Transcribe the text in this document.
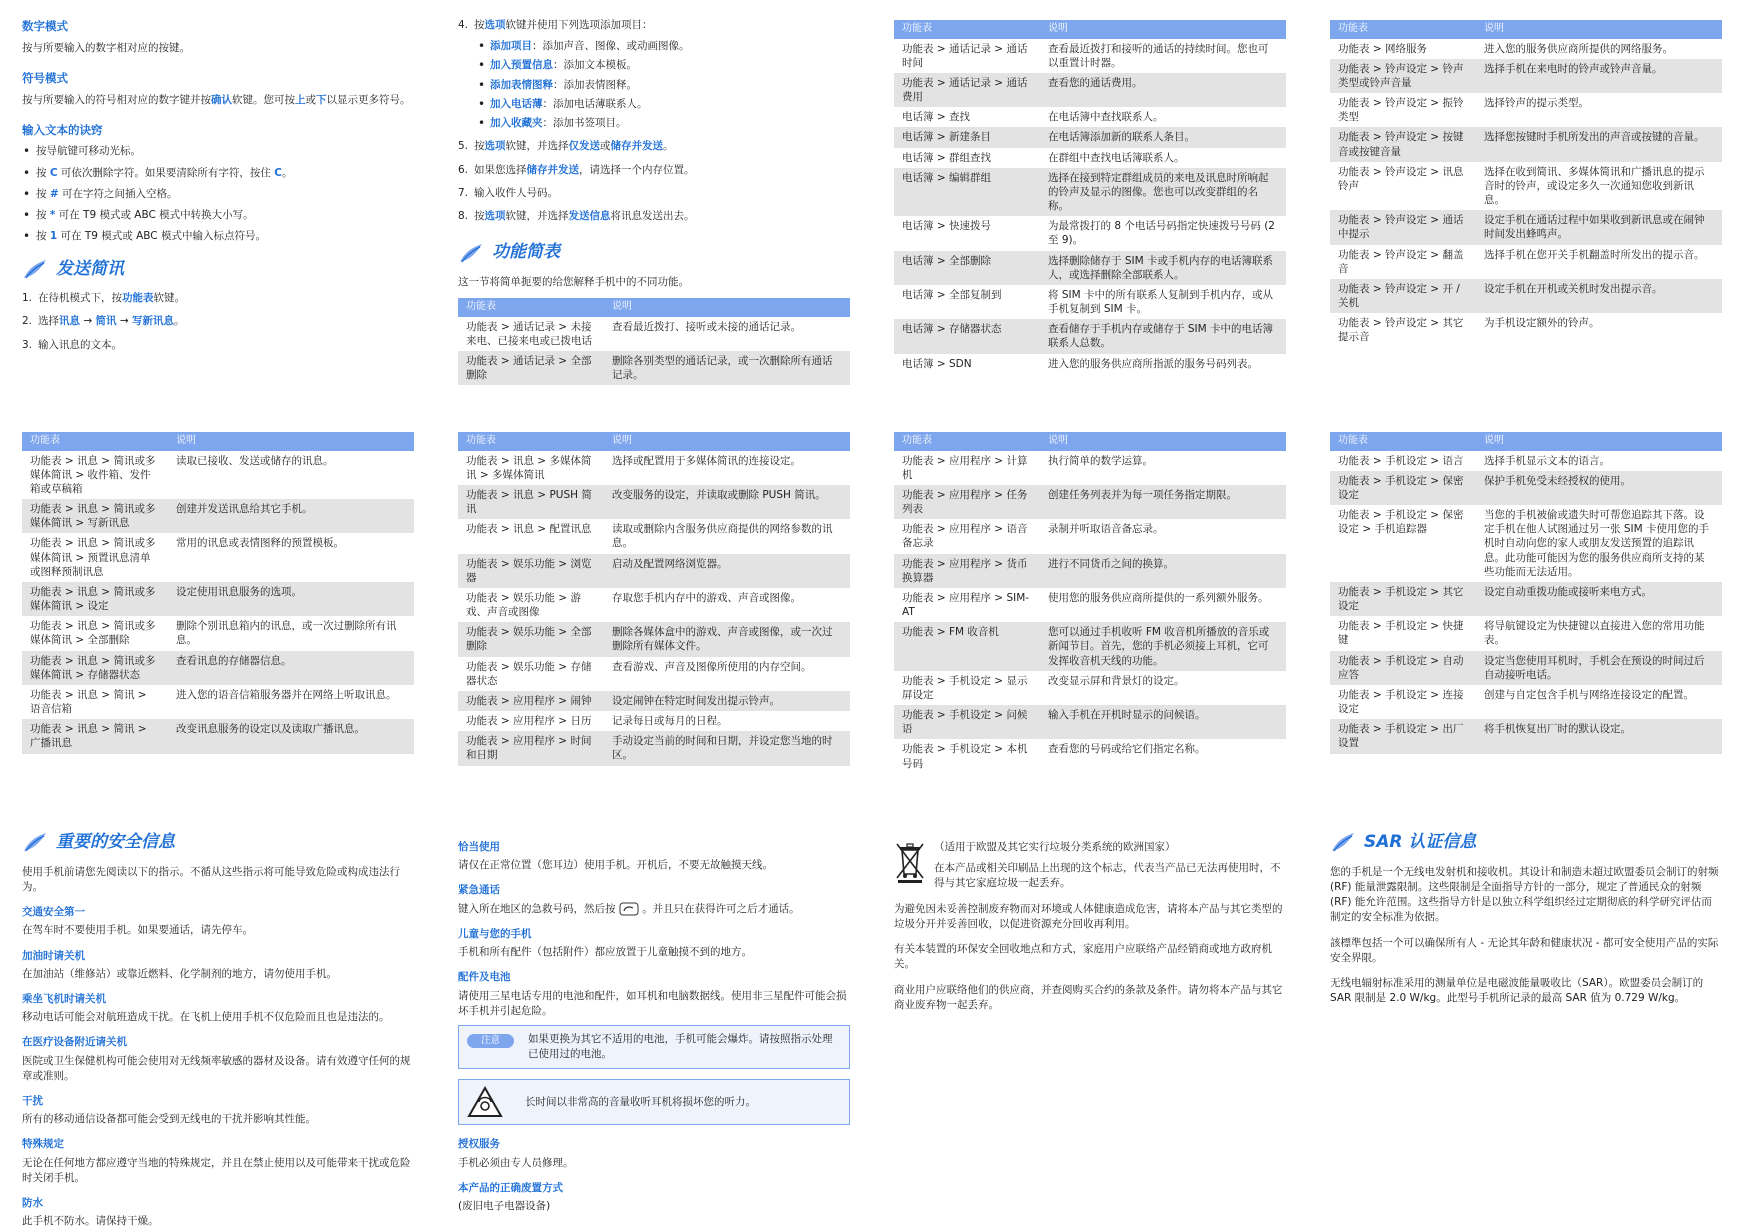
数字模式
按与所要输入的数字相对应的按键。
符号模式
按与所要输入的符号相对应的数字键并按确认软键。您可按上或下以显示更多符号。
输入文本的诀窍
• 按导航键可移动光标。
• 按 C 可依次删除字符。如果要清除所有字符，按住 C。
• 按 # 可在字符之间插入空格。
• 按 * 可在 T9 模式或 ABC 模式中转换大小写。
• 按 1 可在 T9 模式或 ABC 模式中输入标点符号。
发送简讯
1. 在待机模式下，按功能表软键。
2. 选择讯息 → 简讯 → 写新讯息。
3. 输入讯息的文本。
4. 按选项软键并使用下列选项添加项目：
• 添加项目：添加声音、图像、或动画图像。
• 加入预置信息：添加文本模板。
• 添加表情图释：添加表情图释。
• 加入电话薄：添加电话薄联系人。
• 加入收藏夹：添加书签项目。
5. 按选项软键，并选择仅发送或储存并发送。
6. 如果您选择储存并发送，请选择一个内存位置。
7. 输入收件人号码。
8. 按选项软键，并选择发送信息将讯息发送出去。
功能简表
这一节将简单扼要的给您解释手机中的不同功能。
功能表	说明
功能表 > 通话记录 > 未接来电、已接来电或已拨电话	查看最近拨打、接听或未接的通话记录。
功能表 > 通话记录 > 全部删除	删除各别类型的通话记录，或一次删除所有通话记录。
功能表	说明
功能表 > 通话记录 > 通话时间	查看最近拨打和接听的通话的持续时间。您也可以重置计时器。
功能表 > 通话记录 > 通话费用	查看您的通话费用。
电话簿 > 查找	在电话簿中查找联系人。
电话簿 > 新建条目	在电话簿添加新的联系人条目。
电话簿 > 群组查找	在群组中查找电话簿联系人。
电话簿 > 编辑群组	选择在接到特定群组成员的来电及讯息时所响起的铃声及显示的图像。您也可以改变群组的名称。
电话簿 > 快速拨号	为最常拨打的 8 个电话号码指定快速拨号号码 (2 至 9)。
电话簿 > 全部删除	选择删除储存于 SIM 卡或手机内存的电话簿联系人，或选择删除全部联系人。
电话簿 > 全部复制到	将 SIM 卡中的所有联系人复制到手机内存，或从手机复制到 SIM 卡。
电话簿 > 存储器状态	查看储存于手机内存或储存于 SIM 卡中的电话簿联系人总数。
电话簿 > SDN	进入您的服务供应商所指派的服务号码列表。
功能表	说明
功能表 > 网络服务	进入您的服务供应商所提供的网络服务。
功能表 > 铃声设定 > 铃声类型或铃声音量	选择手机在来电时的铃声或铃声音量。
功能表 > 铃声设定 > 振铃类型	选择铃声的提示类型。
功能表 > 铃声设定 > 按键音或按键音量	选择您按键时手机所发出的声音或按键的音量。
功能表 > 铃声设定 > 讯息铃声	选择在收到简讯、多媒体简讯和广播讯息的提示音时的铃声，或设定多久一次通知您收到新讯息。
功能表 > 铃声设定 > 通话中提示	设定手机在通话过程中如果收到新讯息或在闹钟时间发出蜂鸣声。
功能表 > 铃声设定 > 翻盖音	选择手机在您开关手机翻盖时所发出的提示音。
功能表 > 铃声设定 > 开 / 关机	设定手机在开机或关机时发出提示音。
功能表 > 铃声设定 > 其它提示音	为手机设定额外的铃声。
功能表	说明
功能表 > 讯息 > 简讯或多媒体简讯 > 收件箱、发件箱或草稿箱	读取已接收、发送或储存的讯息。
功能表 > 讯息 > 简讯或多媒体简讯 > 写新讯息	创建并发送讯息给其它手机。
功能表 > 讯息 > 简讯或多媒体简讯 > 预置讯息清单或图释预制讯息	常用的讯息或表情图释的预置模板。
功能表 > 讯息 > 简讯或多媒体简讯 > 设定	设定使用讯息服务的选项。
功能表 > 讯息 > 简讯或多媒体简讯 > 全部删除	删除个别讯息箱内的讯息，或一次过删除所有讯息。
功能表 > 讯息 > 简讯或多媒体简讯 > 存储器状态	查看讯息的存储器信息。
功能表 > 讯息 > 简讯 > 语音信箱	进入您的语音信箱服务器并在网络上听取讯息。
功能表 > 讯息 > 简讯 > 广播讯息	改变讯息服务的设定以及读取广播讯息。
功能表	说明
功能表 > 讯息 > 多媒体简讯 > 多媒体简讯	选择或配置用于多媒体简讯的连接设定。
功能表 > 讯息 > PUSH 简讯	改变服务的设定，并读取或删除 PUSH 简讯。
功能表 > 讯息 > 配置讯息	读取或删除内含服务供应商提供的网络参数的讯息。
功能表 > 娱乐功能 > 浏览器	启动及配置网络浏览器。
功能表 > 娱乐功能 > 游戏、声音或图像	存取您手机内存中的游戏、声音或图像。
功能表 > 娱乐功能 > 全部删除	删除各媒体盒中的游戏、声音或图像，或一次过删除所有媒体文件。
功能表 > 娱乐功能 > 存储器状态	查看游戏、声音及图像所使用的内存空间。
功能表 > 应用程序 > 闹钟	设定闹钟在特定时间发出提示铃声。
功能表 > 应用程序 > 日历	记录每日或每月的日程。
功能表 > 应用程序 > 时间和日期	手动设定当前的时间和日期，并设定您当地的时区。
功能表	说明
功能表 > 应用程序 > 计算机	执行简单的数学运算。
功能表 > 应用程序 > 任务列表	创建任务列表并为每一项任务指定期限。
功能表 > 应用程序 > 语音备忘录	录制并听取语音备忘录。
功能表 > 应用程序 > 货币换算器	进行不同货币之间的换算。
功能表 > 应用程序 > SIM-AT	使用您的服务供应商所提供的一系列额外服务。
功能表 > FM 收音机	您可以通过手机收听 FM 收音机所播放的音乐或新闻节目。首先，您的手机必须接上耳机，它可发挥收音机天线的功能。
功能表 > 手机设定 > 显示屏设定	改变显示屏和背景灯的设定。
功能表 > 手机设定 > 问候语	输入手机在开机时显示的问候语。
功能表 > 手机设定 > 本机号码	查看您的号码或给它们指定名称。
功能表	说明
功能表 > 手机设定 > 语言	选择手机显示文本的语言。
功能表 > 手机设定 > 保密设定	保护手机免受未经授权的使用。
功能表 > 手机设定 > 保密设定 > 手机追踪器	当您的手机被偷或遗失时可帮您追踪其下落。设定手机在他人试图通过另一张 SIM 卡使用您的手机时自动向您的家人或朋友发送预置的追踪讯息。此功能可能因为您的服务供应商所支持的某些功能而无法适用。
功能表 > 手机设定 > 其它设定	设定自动重拨功能或接听来电方式。
功能表 > 手机设定 > 快捷键	将导航键设定为快捷键以直接进入您的常用功能表。
功能表 > 手机设定 > 自动应答	设定当您使用耳机时，手机会在预设的时间过后自动接听电话。
功能表 > 手机设定 > 连接设定	创建与自定包含手机与网络连接设定的配置。
功能表 > 手机设定 > 出厂设置	将手机恢复出厂时的默认设定。
重要的安全信息
使用手机前请您先阅读以下的指示。不循从这些指示将可能导致危险或构成违法行为。
交通安全第一
在驾车时不要使用手机。如果要通话，请先停车。
加油时请关机
在加油站（维修站）或靠近燃料、化学制剂的地方，请勿使用手机。
乘坐飞机时请关机
移动电话可能会对航班造成干扰。在飞机上使用手机不仅危险而且也是违法的。
在医疗设备附近请关机
医院或卫生保健机构可能会使用对无线频率敏感的器材及设备。请有效遵守任何的规章或准则。
干扰
所有的移动通信设备都可能会受到无线电的干扰并影响其性能。
特殊规定
无论在任何地方都应遵守当地的特殊规定，并且在禁止使用以及可能带来干扰或危险时关闭手机。
防水
此手机不防水。请保持干燥。
恰当使用
请仅在正常位置（您耳边）使用手机。开机后，不要无故触摸天线。
紧急通话
键入所在地区的急救号码，然后按	。并且只在获得许可之后才通话。
儿童与您的手机
手机和所有配件（包括附件）都应放置于儿童触摸不到的地方。
配件及电池
请使用三星电话专用的电池和配件，如耳机和电脑数据线。使用非三星配件可能会损坏手机并引起危险。
注意	如果更换为其它不适用的电池，手机可能会爆炸。请按照指示处理已使用过的电池。
长时间以非常高的音量收听耳机将损坏您的听力。
授权服务
手机必须由专人员修理。
本产品的正确废置方式
(废旧电子电器设备)
（适用于欧盟及其它实行垃圾分类系统的欧洲国家）
在本产品或相关印刷品上出现的这个标志，代表当产品已无法再使用时，不得与其它家庭垃圾一起丢弃。
为避免因未妥善控制废弃物而对环境或人体健康造成危害，请将本产品与其它类型的垃圾分开并妥善回收，以促进资源充分回收再利用。
有关本装置的环保安全回收地点和方式，家庭用户应联络产品经销商或地方政府机关。
商业用户应联络他们的供应商，并查阅购买合约的条款及条件。请勿将本产品与其它商业废弃物一起丢弃。
SAR 认证信息
您的手机是一个无线电发射机和接收机。其设计和制造未超过欧盟委员会制订的射频 (RF) 能量泄露限制。这些限制是全面指导方针的一部分，规定了普通民众的射频 (RF) 能允许范围。这些指导方针是以独立科学组织经过定期彻底的科学研究评估而制定的安全标准为依据。
該標準包括一个可以确保所有人 - 无论其年龄和健康状况 - 都可安全使用产品的实际安全界限。
无线电辐射标准采用的测量单位是电磁波能量吸收比（SAR）。欧盟委员会制订的 SAR 限制是 2.0 W/kg。此型号手机所记录的最高 SAR 值为 0.729 W/kg。
